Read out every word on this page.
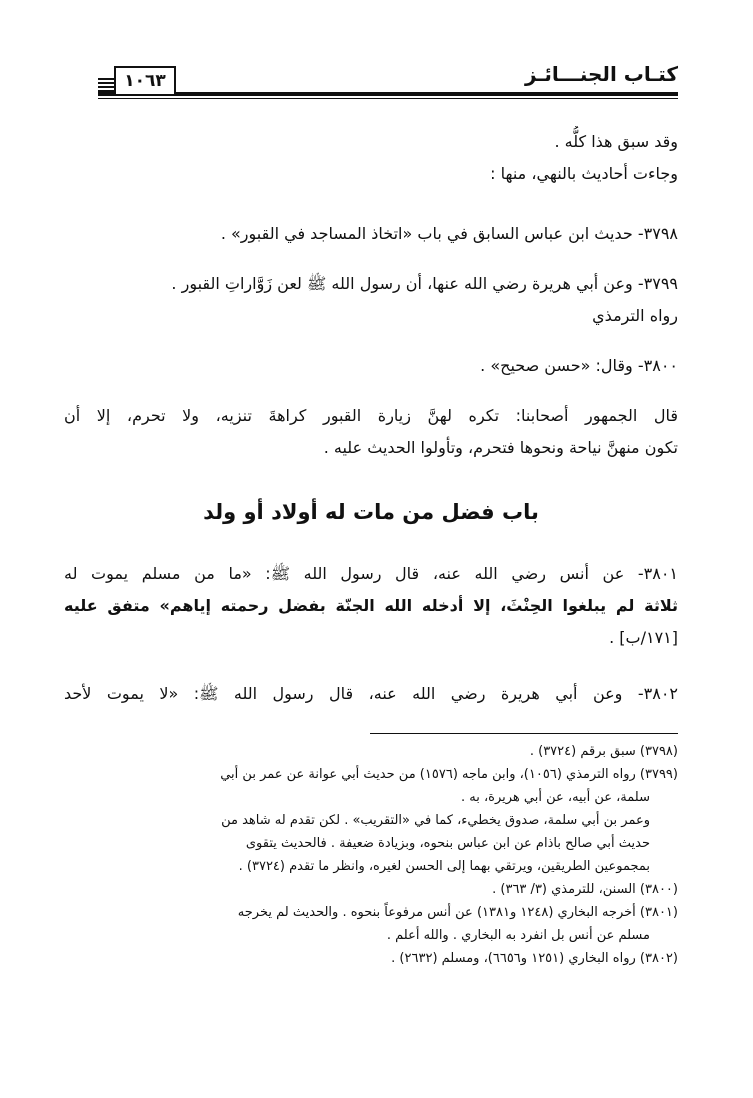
كتـاب الجنـــائـز
١٠٦٣
وقد سبق هذا كلُّه .
وجاءت أحاديث بالنهي، منها :
٣٧٩٨- حديث ابن عباس السابق في باب «اتخاذ المساجد في القبور» .
٣٧٩٩- وعن أبي هريرة رضي الله عنها، أن رسول الله ﷺ لعن زَوَّاراتِ القبور .
رواه الترمذي
٣٨٠٠- وقال: «حسن صحيح» .
قال الجمهور أصحابنا: تكره لهنَّ زيارة القبور كراهةَ تنزيه، ولا تحرم، إلا أن
تكون منهنَّ نياحة ونحوها فتحرم، وتأولوا الحديث عليه .
باب فضل من مات له أولاد أو ولد
٣٨٠١- عن أنس رضي الله عنه، قال رسول الله ﷺ: «ما من مسلم يموت له
ثلاثة لم يبلغوا الحِنْثَ، إلا أدخله الله الجنّة بفضل رحمته إياهم» متفق عليه
[١٧١/ب] .
٣٨٠٢- وعن أبي هريرة رضي الله عنه، قال رسول الله ﷺ: «لا يموت لأحد
(٣٧٩٨) سبق برقم (٣٧٢٤) .
(٣٧٩٩) رواه الترمذي (١٠٥٦)، وابن ماجه (١٥٧٦) من حديث أبي عوانة عن عمر بن أبي
سلمة، عن أبيه، عن أبي هريرة، به .
وعمر بن أبي سلمة، صدوق يخطيء، كما في «التقريب» . لكن تقدم له شاهد من
حديث أبي صالح باذام عن ابن عباس بنحوه، وبزيادة ضعيفة . فالحديث يتقوى
بمجموعين الطريقين، ويرتقي بهما إلى الحسن لغيره، وانظر ما تقدم (٣٧٢٤) .
(٣٨٠٠) السنن، للترمذي (٣/ ٣٦٣) .
(٣٨٠١) أخرجه البخاري (١٢٤٨ و١٣٨١) عن أنس مرفوعاً بنحوه . والحديث لم يخرجه
مسلم عن أنس بل انفرد به البخاري . والله أعلم .
(٣٨٠٢) رواه البخاري (١٢٥١ و٦٦٥٦)، ومسلم (٢٦٣٢) .
